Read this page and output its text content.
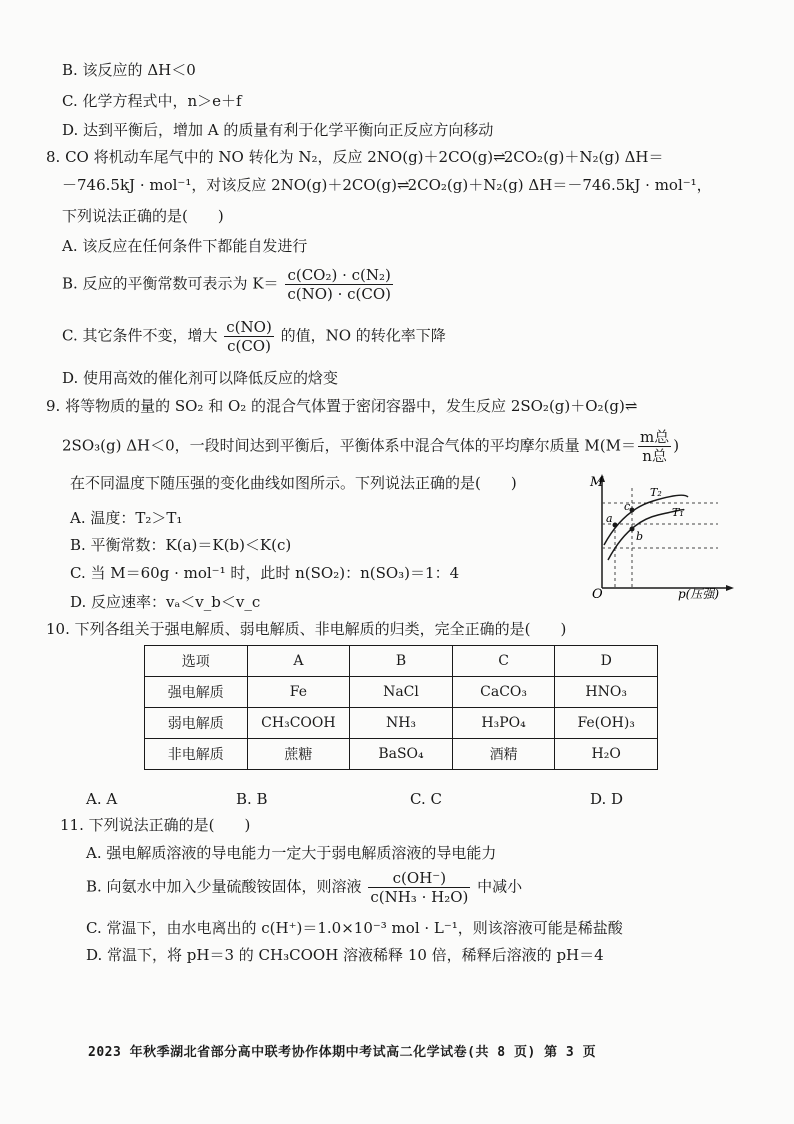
B. 该反应的 ΔH＜0
C. 化学方程式中，n＞e＋f
D. 达到平衡后，增加 A 的质量有利于化学平衡向正反应方向移动
8. CO 将机动车尾气中的 NO 转化为 N₂，反应 2NO(g)＋2CO(g)⇌2CO₂(g)＋N₂(g) ΔH＝
－746.5kJ · mol⁻¹，对该反应 2NO(g)＋2CO(g)⇌2CO₂(g)＋N₂(g) ΔH＝－746.5kJ · mol⁻¹，
下列说法正确的是(　　)
A. 该反应在任何条件下都能自发进行
B. 反应的平衡常数可表示为 $K= \frac{\text{c(CO₂) · c(N₂)}}{c(NO) \cdot c(CO)}$
C. 其它条件不变，增大 $\frac{c(NO)}{c(CO)}$ 的值，NO 的转化率下降
D. 使用高效的催化剂可以降低反应的焓变
9. 将等物质的量的 SO₂ 和 O₂ 的混合气体置于密闭容器中，发生反应 2SO₂(g)＋O₂(g)⇌
2SO₃(g) ΔH＜0，一段时间达到平衡后，平衡体系中混合气体的平均摩尔质量 $M(M= \frac{\text{m总}}{\text{n总}}$ )
在不同温度下随压强的变化曲线如图所示。下列说法正确的是(　　)
A. 温度：T₂＞T₁
B. 平衡常数：K(a)＝K(b)＜K(c)
C. 当 M＝60g · mol⁻¹ 时，此时 n(SO₂)：n(SO₃)＝1：4
D. 反应速率：vₐ＜v_b＜v_c
M
O	p(压强)
T₂
T₁
a
b
c
10. 下列各组关于强电解质、弱电解质、非电解质的归类，完全正确的是(　　)
选项	A	B	C	D
强电解质	Fe	NaCl	CaCO₃	HNO₃
弱电解质	CH₃COOH	NH₃	H₃PO₄	Fe(OH)₃
非电解质	蔗糖	BaSO₄	酒精	H₂O
A. A	B. B	C. C	D. D
11. 下列说法正确的是(　　)
A. 强电解质溶液的导电能力一定大于弱电解质溶液的导电能力
B. 向氨水中加入少量硫酸铵固体，则溶液 $\frac{c(OH^-)}{\text{c(NH₃ · H₂O)}}$ 中减小
C. 常温下，由水电离出的 c(H⁺)＝1.0×10⁻³ mol · L⁻¹，则该溶液可能是稀盐酸
D. 常温下，将 pH＝3 的 CH₃COOH 溶液稀释 10 倍，稀释后溶液的 pH＝4
2023 年秋季湖北省部分高中联考协作体期中考试高二化学试卷(共 8 页) 第 3 页
